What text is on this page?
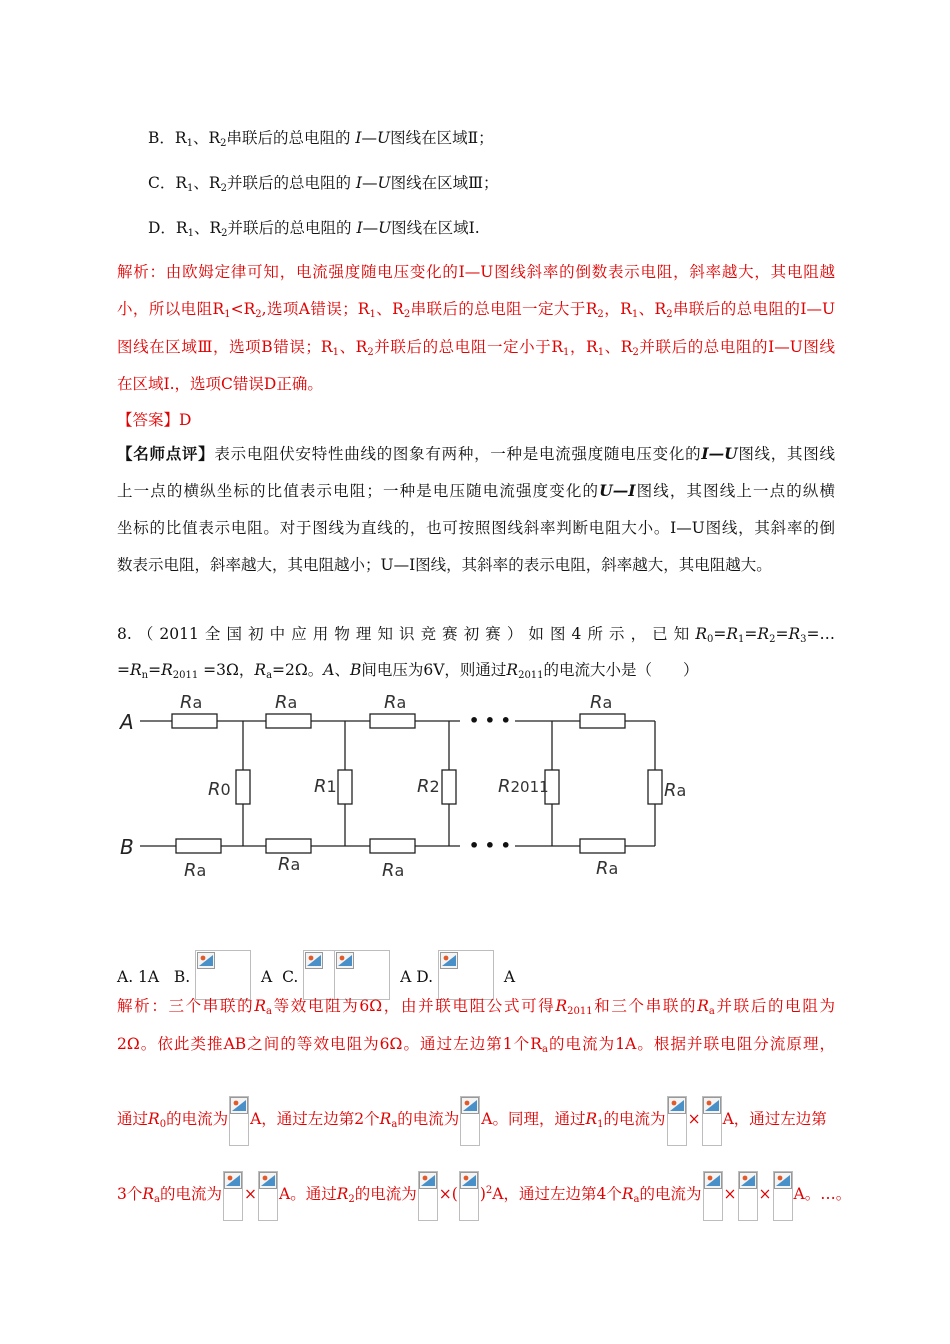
B．$R_1$、$R_2$串联后的总电阻的 I—U图线在区域Ⅱ；
C．$R_1$、$R_2$并联后的总电阻的 I—U图线在区域Ⅲ；
D．$R_1$、$R_2$并联后的总电阻的 I—U图线在区域Ⅰ.
解析：由欧姆定律可知，电流强度随电压变化的I—U图线斜率的倒数表示电阻，斜率越大，其电阻越
小，所以电阻$R_1<R_2$,选项A错误；$R_1$、$R_2$串联后的总电阻一定大于$R_2$，$R_1$、$R_2$串联后的总电阻的I—U
图线在区域Ⅲ，选项B错误；$R_1$、$R_2$并联后的总电阻一定小于$R_1$，$R_1$、$R_2$并联后的总电阻的I—U图线
在区域I.，选项C错误D正确。
【答案】D
【名师点评】表示电阻伏安特性曲线的图象有两种，一种是电流强度随电压变化的I—U图线，其图线
上一点的横纵坐标的比值表示电阻；一种是电压随电流强度变化的U—I图线，其图线上一点的纵横
坐标的比值表示电阻。对于图线为直线的，也可按照图线斜率判断电阻大小。I—U图线，其斜率的倒
数表示电阻，斜率越大，其电阻越小；U—I图线，其斜率的表示电阻，斜率越大，其电阻越大。
8.（2011全国初中应用物理知识竞赛初赛）如图4所示，已知$R_0=R_1=R_2=R_3=\dots$
$=R_n=R_{2011} =3\Omega$，$R_a=2\Omega$。A、B间电压为6V，则通过$R_{2011}$的电流大小是（　　）
A
B
Ra	Ra	Ra	Ra
Ra	Ra	Ra	Ra
R0	R1	R2	R2011	Ra
• • •
• • •
A. 1A B.	A C.	A D.	A
解析：三个串联的$R_a$等效电阻为6Ω，由并联电阻公式可得$R_{2011}$和三个串联的$R_a$并联后的电阻为
2Ω。依此类推AB之间的等效电阻为6Ω。通过左边第1个$R_a$的电流为1A。根据并联电阻分流原理，
通过$R_0$的电流为 A，通过左边第2个$R_a$的电流为 A。同理，通过$R_1$的电流为 × A，通过左边第
3个$R_a$的电流为 × A。通过$R_2$的电流为 ×( )$^2$A，通过左边第4个$R_a$的电流为 × × A。…。
